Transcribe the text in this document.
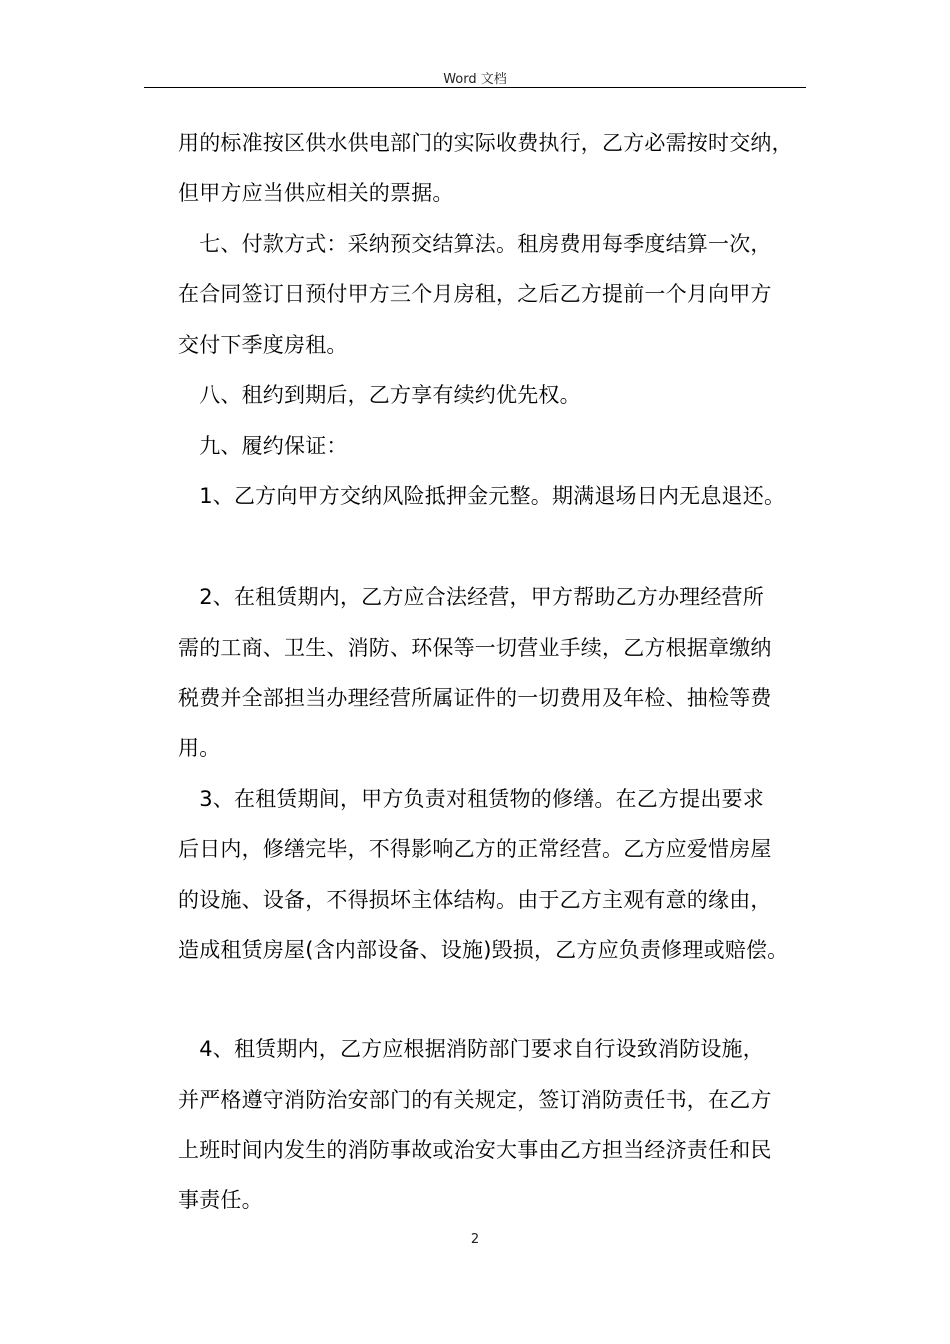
Word 文档
用的标准按区供水供电部门的实际收费执行，乙方必需按时交纳，
但甲方应当供应相关的票据。
　七、付款方式：采纳预交结算法。租房费用每季度结算一次，
在合同签订日预付甲方三个月房租，之后乙方提前一个月向甲方
交付下季度房租。
　八、租约到期后，乙方享有续约优先权。
　九、履约保证：
　1、乙方向甲方交纳风险抵押金元整。期满退场日内无息退还。
　2、在租赁期内，乙方应合法经营，甲方帮助乙方办理经营所
需的工商、卫生、消防、环保等一切营业手续，乙方根据章缴纳
税费并全部担当办理经营所属证件的一切费用及年检、抽检等费
用。
　3、在租赁期间，甲方负责对租赁物的修缮。在乙方提出要求
后日内，修缮完毕，不得影响乙方的正常经营。乙方应爱惜房屋
的设施、设备，不得损坏主体结构。由于乙方主观有意的缘由，
造成租赁房屋(含内部设备、设施)毁损，乙方应负责修理或赔偿。
　4、租赁期内，乙方应根据消防部门要求自行设致消防设施，
并严格遵守消防治安部门的有关规定，签订消防责任书，在乙方
上班时间内发生的消防事故或治安大事由乙方担当经济责任和民
事责任。
2
